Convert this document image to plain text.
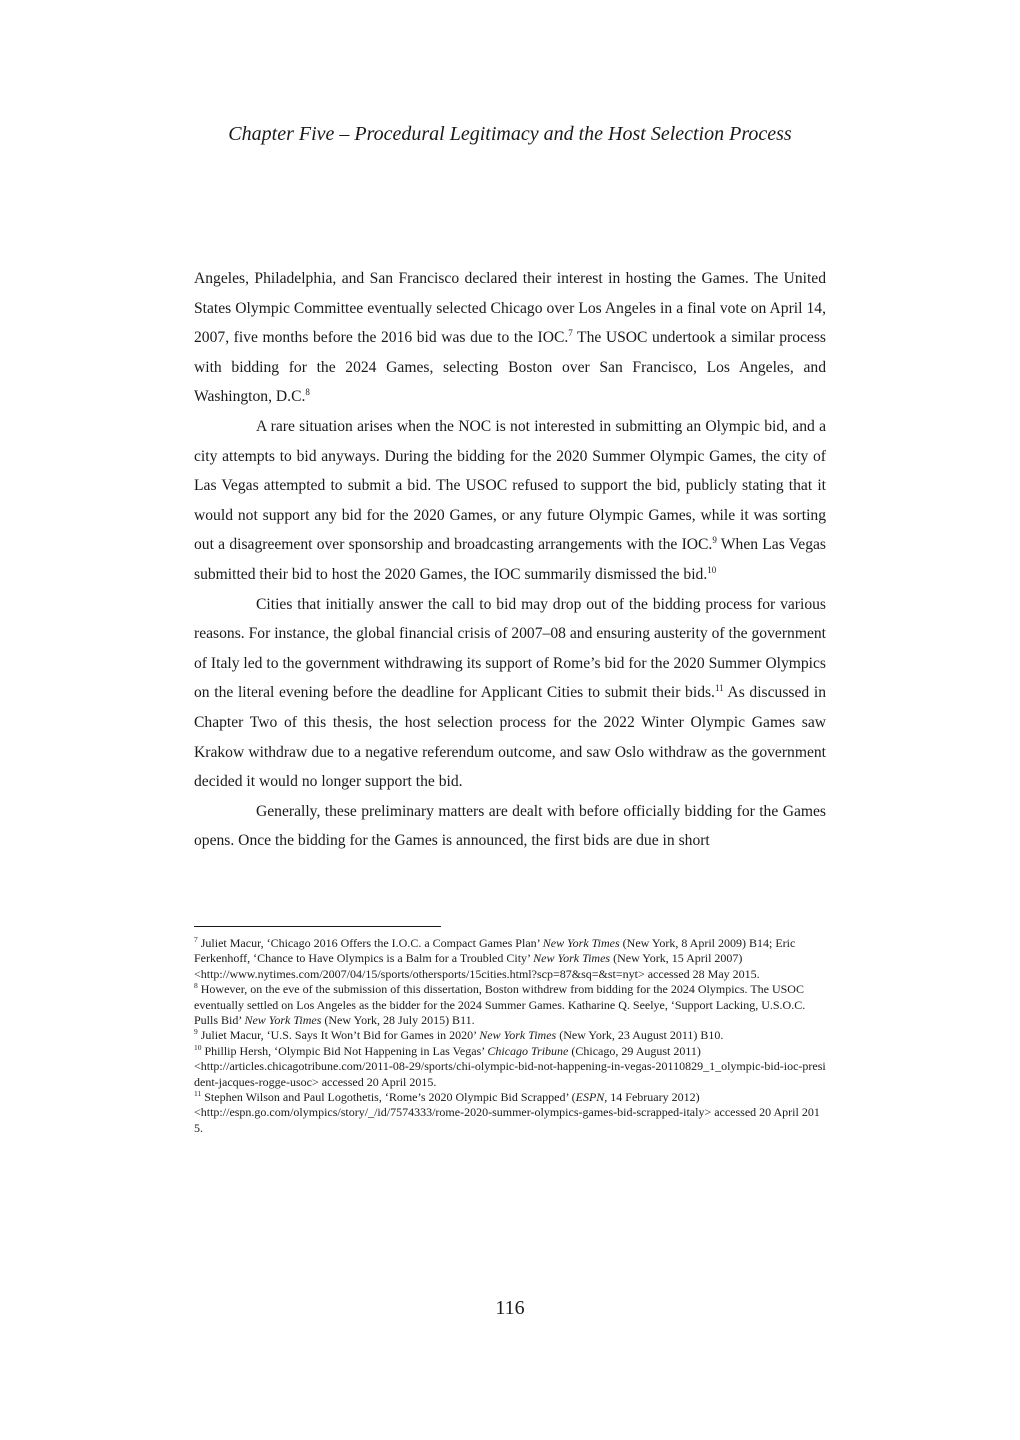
Chapter Five – Procedural Legitimacy and the Host Selection Process

Angeles, Philadelphia, and San Francisco declared their interest in hosting the Games. The United States Olympic Committee eventually selected Chicago over Los Angeles in a final vote on April 14, 2007, five months before the 2016 bid was due to the IOC.$^7$ The USOC undertook a similar process with bidding for the 2024 Games, selecting Boston over San Francisco, Los Angeles, and Washington, D.C.$^8$

A rare situation arises when the NOC is not interested in submitting an Olympic bid, and a city attempts to bid anyways. During the bidding for the 2020 Summer Olympic Games, the city of Las Vegas attempted to submit a bid. The USOC refused to support the bid, publicly stating that it would not support any bid for the 2020 Games, or any future Olympic Games, while it was sorting out a disagreement over sponsorship and broadcasting arrangements with the IOC.$^9$ When Las Vegas submitted their bid to host the 2020 Games, the IOC summarily dismissed the bid.$^{10}$

Cities that initially answer the call to bid may drop out of the bidding process for various reasons. For instance, the global financial crisis of 2007–08 and ensuring austerity of the government of Italy led to the government withdrawing its support of Rome’s bid for the 2020 Summer Olympics on the literal evening before the deadline for Applicant Cities to submit their bids.$^{11}$ As discussed in Chapter Two of this thesis, the host selection process for the 2022 Winter Olympic Games saw Krakow withdraw due to a negative referendum outcome, and saw Oslo withdraw as the government decided it would no longer support the bid.

Generally, these preliminary matters are dealt with before officially bidding for the Games opens. Once the bidding for the Games is announced, the first bids are due in short

$^7$ Juliet Macur, ‘Chicago 2016 Offers the I.O.C. a Compact Games Plan’ New York Times (New York, 8 April 2009) B14; Eric Ferkenhoff, ‘Chance to Have Olympics is a Balm for a Troubled City’ New York Times (New York, 15 April 2007)
<http://www.nytimes.com/2007/04/15/sports/othersports/15cities.html?scp=87&sq=&st=nyt> accessed 28 May 2015.
$^8$ However, on the eve of the submission of this dissertation, Boston withdrew from bidding for the 2024 Olympics. The USOC eventually settled on Los Angeles as the bidder for the 2024 Summer Games. Katharine Q. Seelye, ‘Support Lacking, U.S.O.C. Pulls Bid’ New York Times (New York, 28 July 2015) B11.
$^9$ Juliet Macur, ‘U.S. Says It Won’t Bid for Games in 2020’ New York Times (New York, 23 August 2011) B10.
$^{10}$ Phillip Hersh, ‘Olympic Bid Not Happening in Las Vegas’ Chicago Tribune (Chicago, 29 August 2011)
<http://articles.chicagotribune.com/2011-08-29/sports/chi-olympic-bid-not-happening-in-vegas-20110829_1_olympic-bid-ioc-president-jacques-rogge-usoc> accessed 20 April 2015.
$^{11}$ Stephen Wilson and Paul Logothetis, ‘Rome’s 2020 Olympic Bid Scrapped’ (ESPN, 14 February 2012)
<http://espn.go.com/olympics/story/_/id/7574333/rome-2020-summer-olympics-games-bid-scrapped-italy> accessed 20 April 2015.
116
